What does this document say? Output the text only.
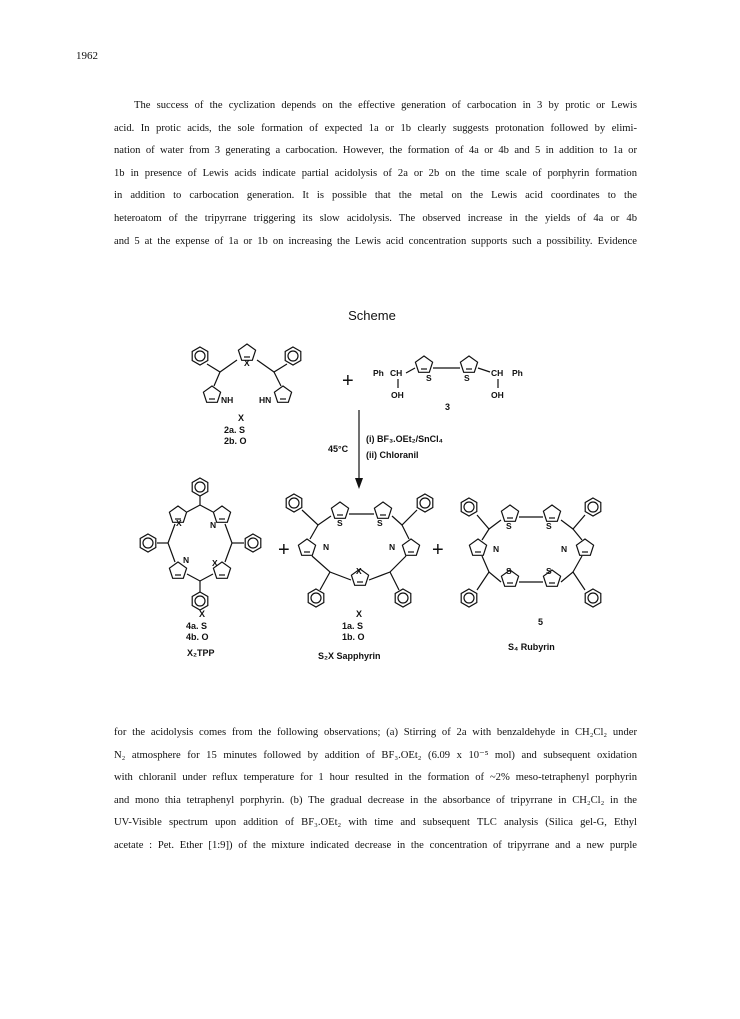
1962
The success of the cyclization depends on the effective generation of carbocation in 3 by protic or Lewis
acid. In protic acids, the sole formation of expected 1a or 1b clearly suggests protonation followed by elimi-
nation of water from 3 generating a carbocation. However, the formation of 4a or 4b and 5 in addition to 1a or
1b in presence of Lewis acids indicate partial acidolysis of 2a or 2b on the time scale of porphyrin formation
in addition to carbocation generation. It is possible that the metal on the Lewis acid coordinates to the
heteroatom of the tripyrrane triggering its slow acidolysis. The observed increase in the yields of 4a or 4b
and 5 at the expense of 1a or 1b on increasing the Lewis acid concentration supports such a possibility. Evidence
Scheme
X
NH	HN
X
2a. S
2b. O
+ Ph CH	S	S	CH Ph
OH	OH
3
45°C
(i) BF₃.OEt₂/SnCl₄
(ii) Chloranil
X	N
N	X
X
4a. S
4b. O
X₂TPP
+
S	S
N	N
X
X
1a. S
1b. O
S₂X Sapphyrin
+
S	S
N	N
S	S
5
S₄ Rubyrin
for the acidolysis comes from the following observations; (a) Stirring of 2a with benzaldehyde in CH₂Cl₂ under
N₂ atmosphere for 15 minutes followed by addition of BF₃.OEt₂ (6.09 x 10⁻⁵ mol) and subsequent oxidation
with chloranil under reflux temperature for 1 hour resulted in the formation of ~2% meso-tetraphenyl porphyrin
and mono thia tetraphenyl porphyrin. (b) The gradual decrease in the absorbance of tripyrrane in CH₂Cl₂ in the
UV-Visible spectrum upon addition of BF₃.OEt₂ with time and subsequent TLC analysis (Silica gel-G, Ethyl
acetate : Pet. Ether [1:9]) of the mixture indicated decrease in the concentration of tripyrrane and a new purple
